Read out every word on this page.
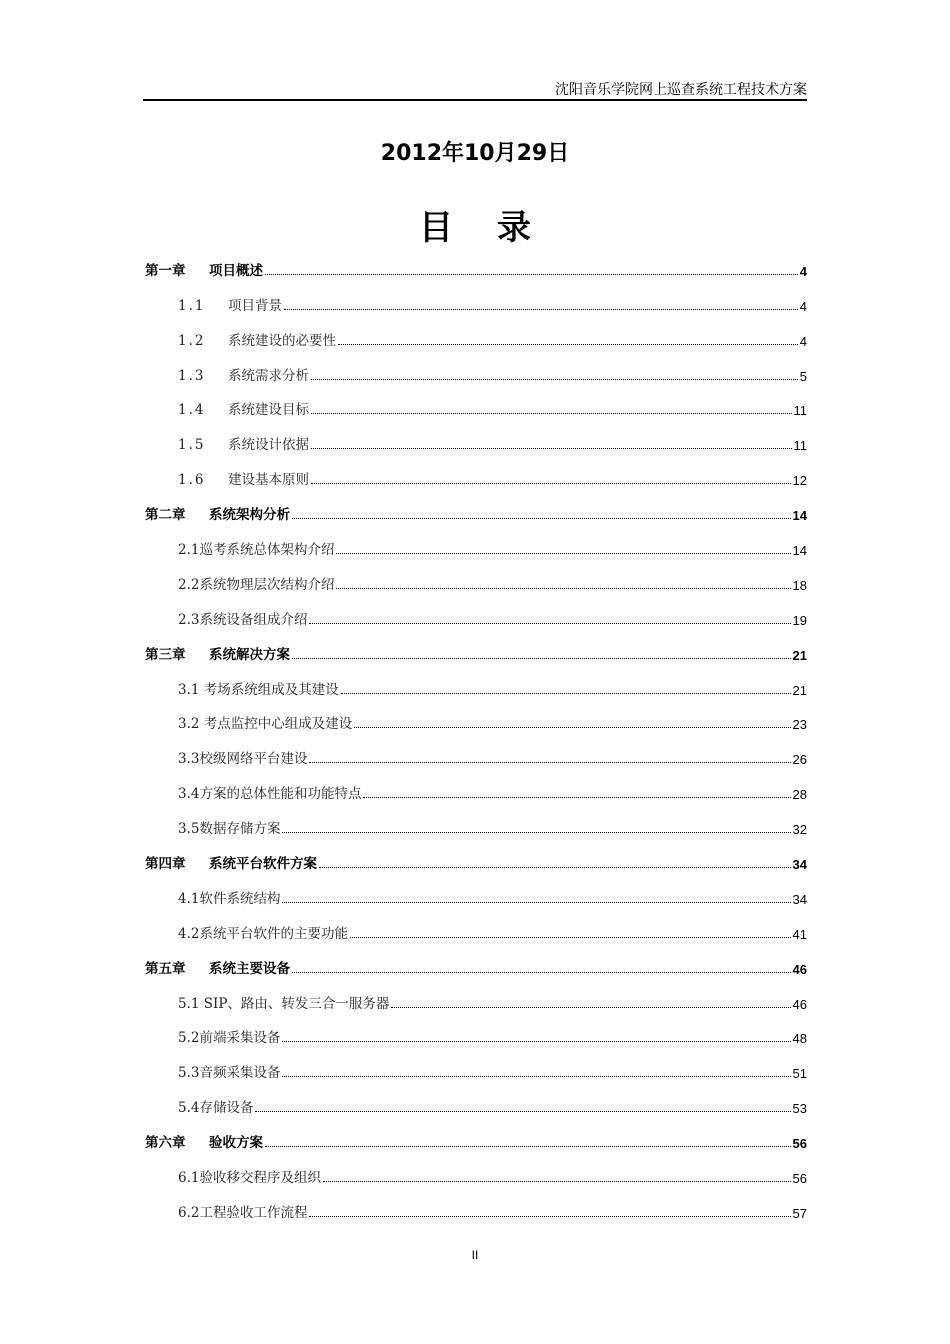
沈阳音乐学院网上巡查系统工程技术方案
2012年10月29日
目录
第一章 项目概述	4
1.1 项目背景	4
1.2 系统建设的必要性	4
1.3 系统需求分析	5
1.4 系统建设目标	11
1.5 系统设计依据	11
1.6 建设基本原则	12
第二章 系统架构分析	14
2.1巡考系统总体架构介绍	14
2.2系统物理层次结构介绍	18
2.3系统设备组成介绍	19
第三章 系统解决方案	21
3.1 考场系统组成及其建设	21
3.2 考点监控中心组成及建设	23
3.3校级网络平台建设	26
3.4方案的总体性能和功能特点	28
3.5数据存储方案	32
第四章 系统平台软件方案	34
4.1软件系统结构	34
4.2系统平台软件的主要功能	41
第五章 系统主要设备	46
5.1 SIP、路由、转发三合一服务器	46
5.2前端采集设备	48
5.3音频采集设备	51
5.4存储设备	53
第六章 验收方案	56
6.1验收移交程序及组织	56
6.2工程验收工作流程	57
II
